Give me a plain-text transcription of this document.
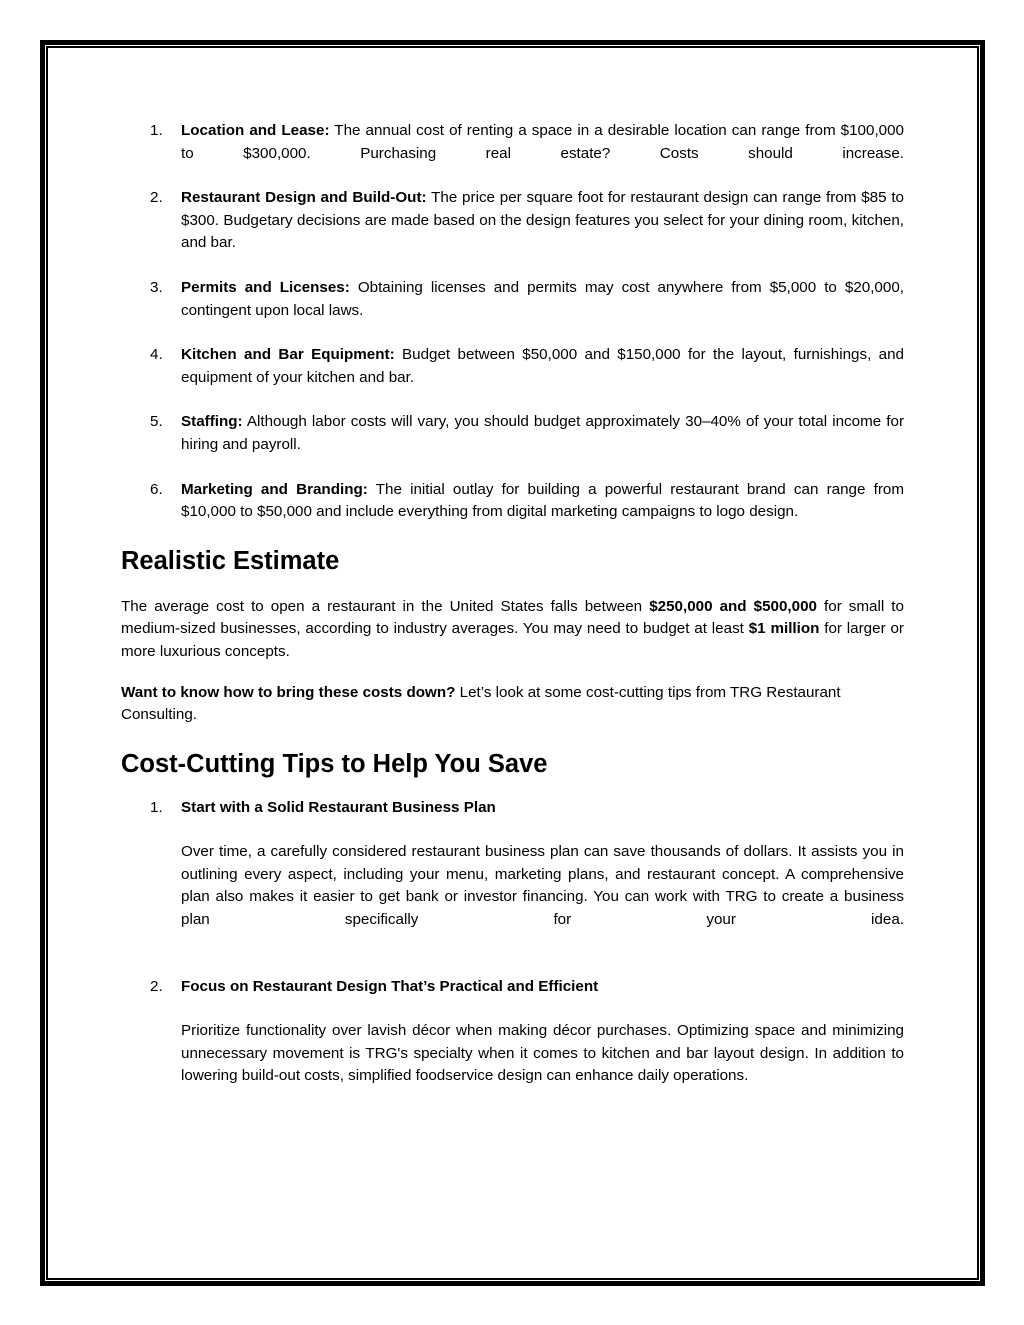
1. Location and Lease: The annual cost of renting a space in a desirable location can range from $100,000 to $300,000. Purchasing real estate? Costs should increase.
2. Restaurant Design and Build-Out: The price per square foot for restaurant design can range from $85 to $300. Budgetary decisions are made based on the design features you select for your dining room, kitchen, and bar.
3. Permits and Licenses: Obtaining licenses and permits may cost anywhere from $5,000 to $20,000, contingent upon local laws.
4. Kitchen and Bar Equipment: Budget between $50,000 and $150,000 for the layout, furnishings, and equipment of your kitchen and bar.
5. Staffing: Although labor costs will vary, you should budget approximately 30–40% of your total income for hiring and payroll.
6. Marketing and Branding: The initial outlay for building a powerful restaurant brand can range from $10,000 to $50,000 and include everything from digital marketing campaigns to logo design.
Realistic Estimate

The average cost to open a restaurant in the United States falls between $250,000 and $500,000 for small to medium-sized businesses, according to industry averages. You may need to budget at least $1 million for larger or more luxurious concepts.

Want to know how to bring these costs down? Let’s look at some cost-cutting tips from TRG Restaurant Consulting.

Cost-Cutting Tips to Help You Save
1. Start with a Solid Restaurant Business Plan
Over time, a carefully considered restaurant business plan can save thousands of dollars. It assists you in outlining every aspect, including your menu, marketing plans, and restaurant concept. A comprehensive plan also makes it easier to get bank or investor financing. You can work with TRG to create a business plan specifically for your idea.
2. Focus on Restaurant Design That’s Practical and Efficient
Prioritize functionality over lavish décor when making décor purchases. Optimizing space and minimizing unnecessary movement is TRG's specialty when it comes to kitchen and bar layout design. In addition to lowering build-out costs, simplified foodservice design can enhance daily operations.
